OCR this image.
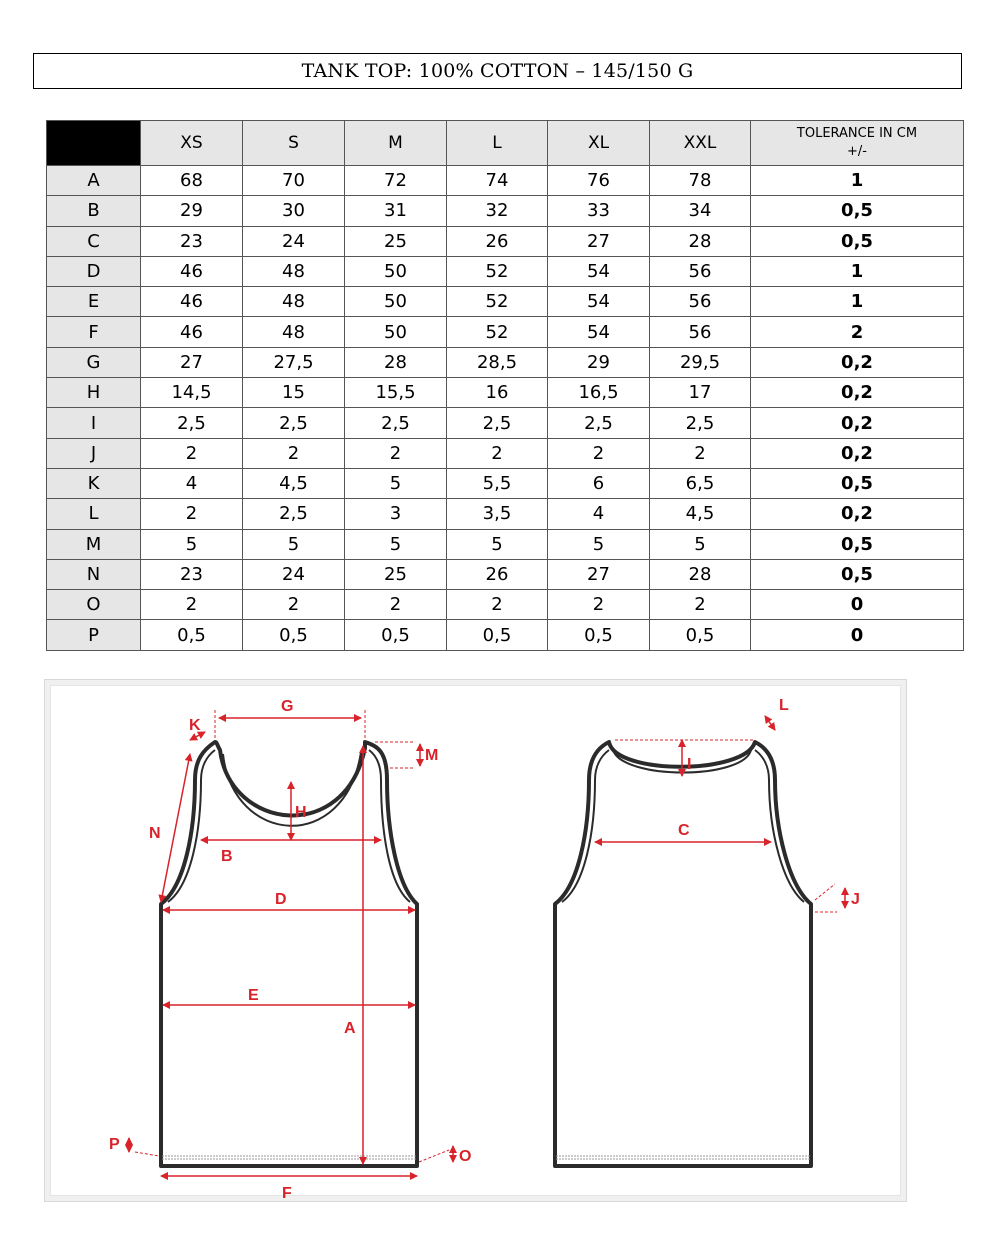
TANK TOP: 100% COTTON – 145/150 G
	XS	S	M	L	XL	XXL	TOLERANCE IN CM
+/-
A	68	70	72	74	76	78	1
B	29	30	31	32	33	34	0,5
C	23	24	25	26	27	28	0,5
D	46	48	50	52	54	56	1
E	46	48	50	52	54	56	1
F	46	48	50	52	54	56	2
G	27	27,5	28	28,5	29	29,5	0,2
H	14,5	15	15,5	16	16,5	17	0,2
I	2,5	2,5	2,5	2,5	2,5	2,5	0,2
J	2	2	2	2	2	2	0,2
K	4	4,5	5	5,5	6	6,5	0,5
L	2	2,5	3	3,5	4	4,5	0,2
M	5	5	5	5	5	5	0,5
N	23	24	25	26	27	28	0,5
O	2	2	2	2	2	2	0
P	0,5	0,5	0,5	0,5	0,5	0,5	0
G
K
N
H
B
D
E
A
F
M
O
P
I
C
L
J
